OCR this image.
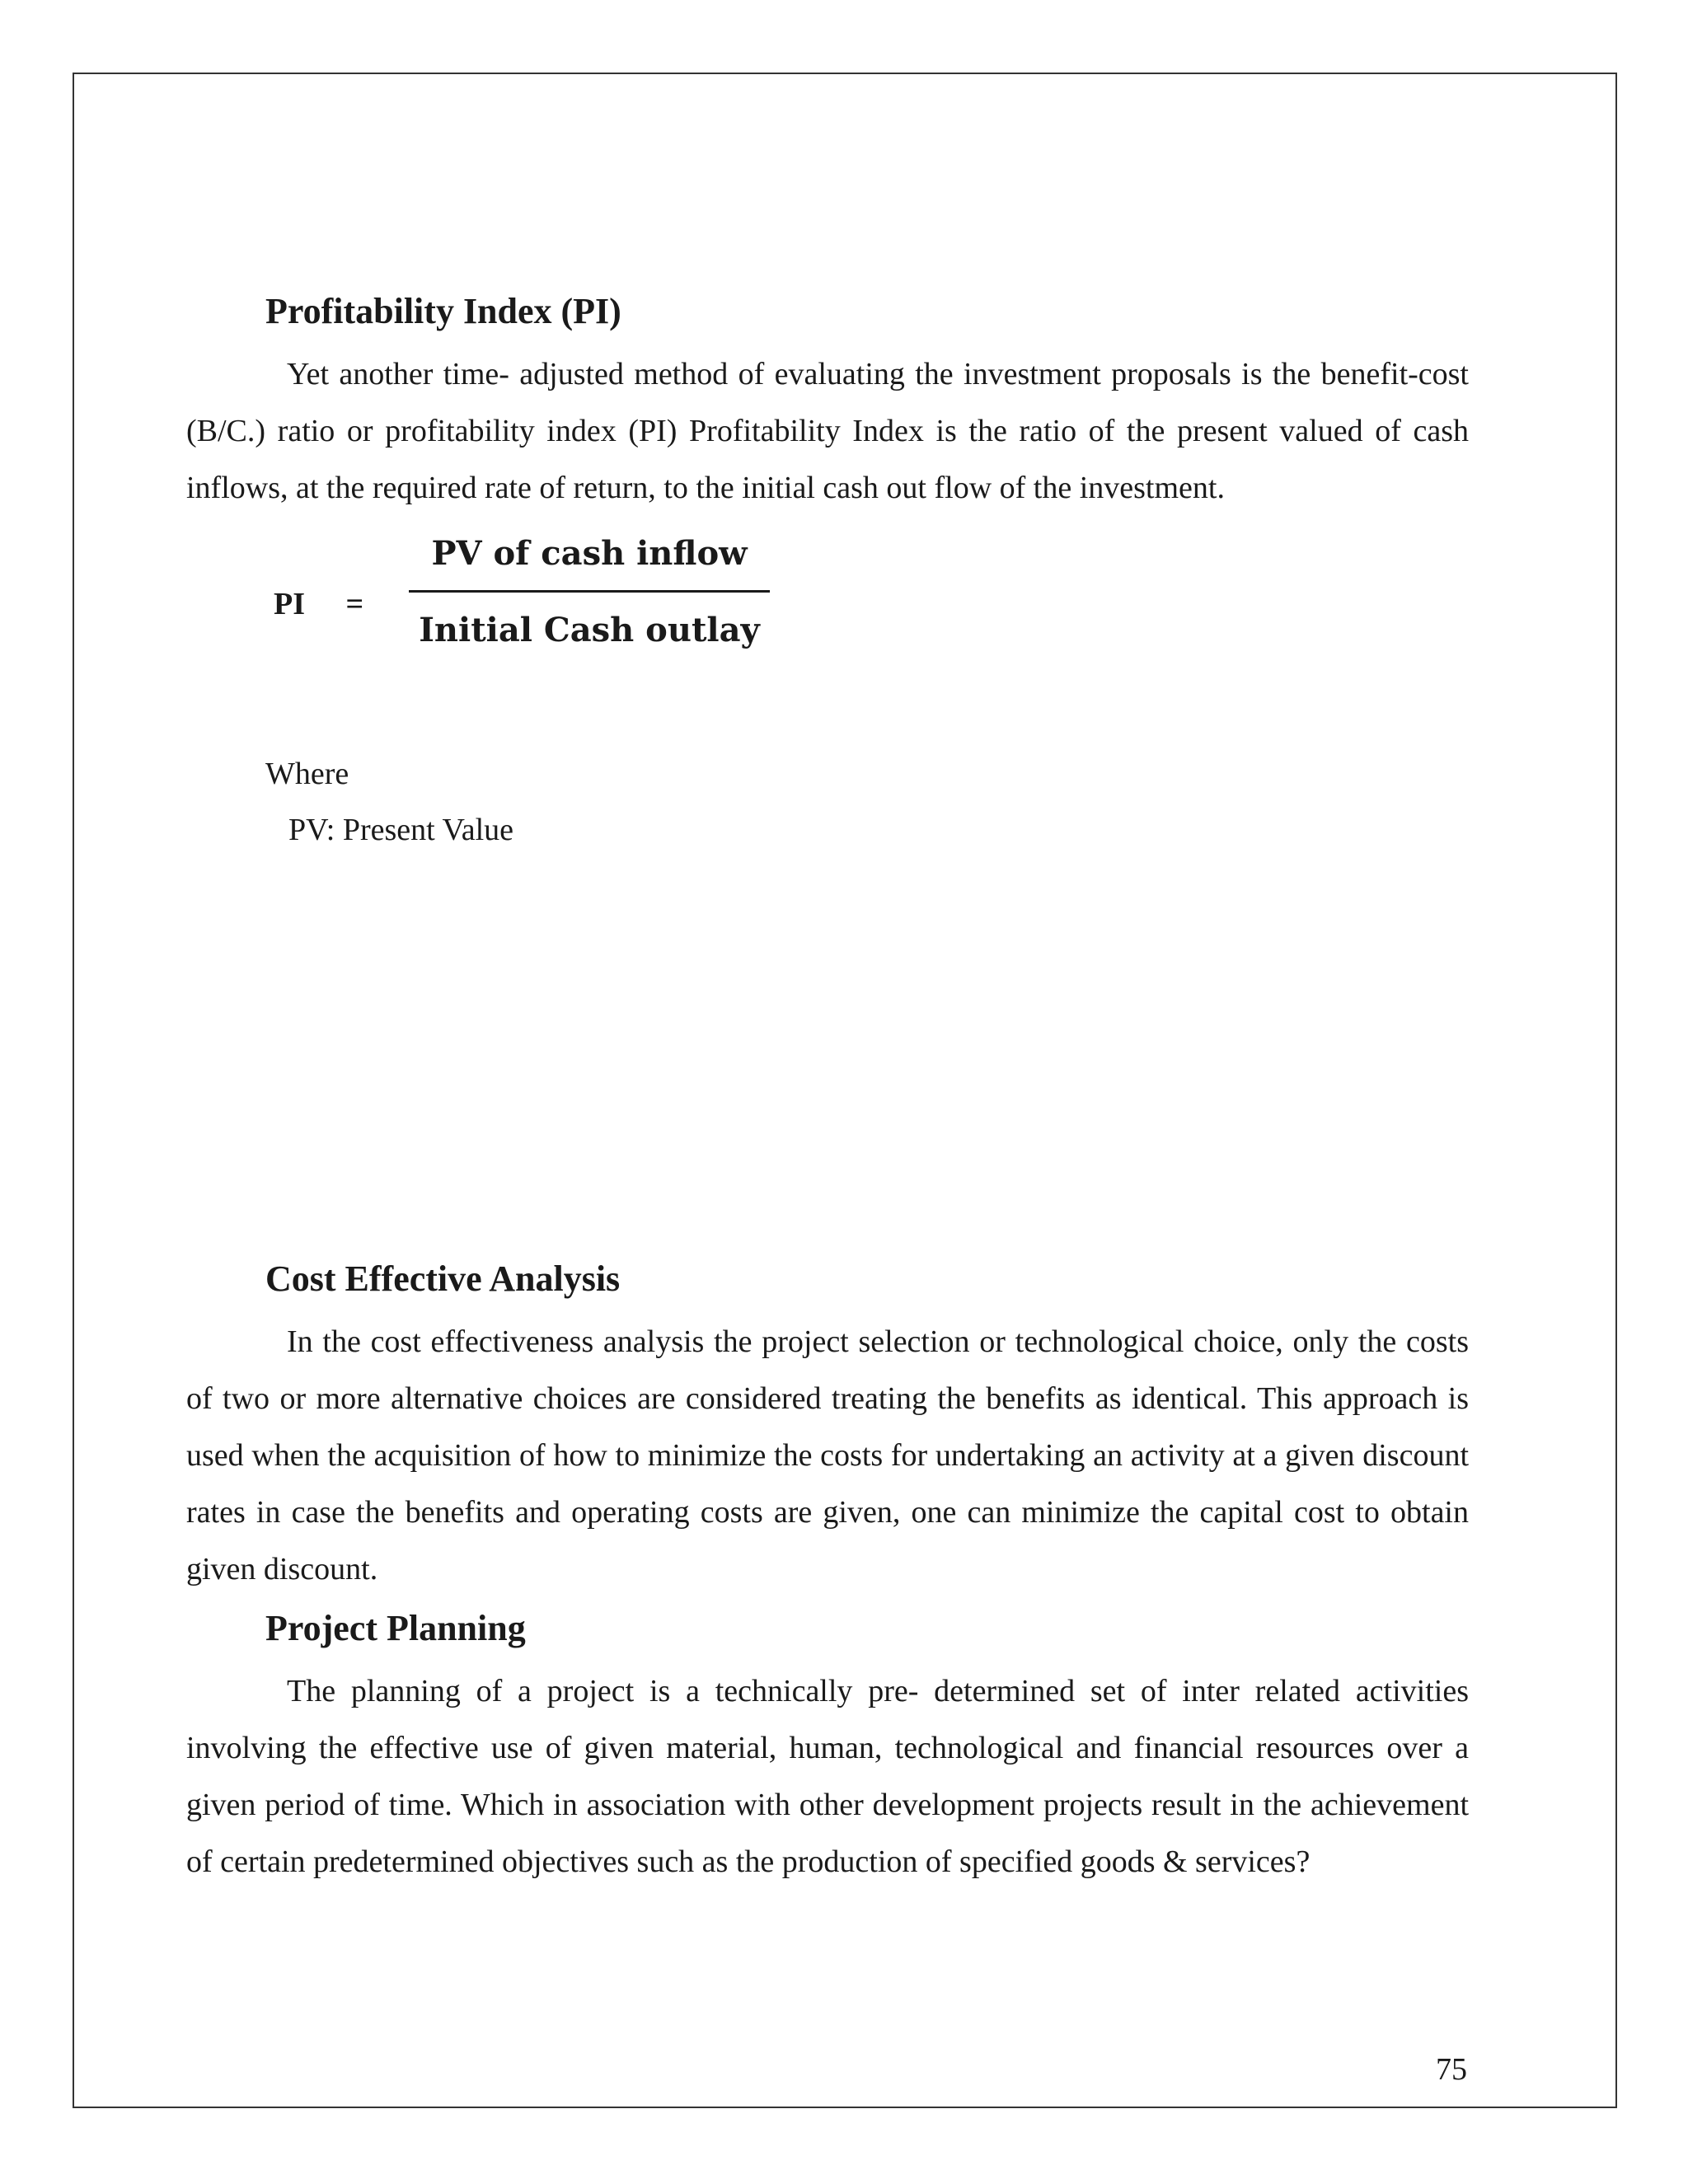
Profitability Index (PI)

Yet another time- adjusted method of evaluating the investment proposals is the benefit-cost (B/C.) ratio or profitability index (PI) Profitability Index is the ratio of the present valued of cash inflows, at the required rate of return, to the initial cash out flow of the investment.

PI =
PV of cash inflow
Initial Cash outlay

Where

PV: Present Value

Cost Effective Analysis

In the cost effectiveness analysis the project selection or technological choice, only the costs of two or more alternative choices are considered treating the benefits as identical. This approach is used when the acquisition of how to minimize the costs for undertaking an activity at a given discount rates in case the benefits and operating costs are given, one can minimize the capital cost to obtain given discount.

Project Planning

The planning of a project is a technically pre- determined set of inter related activities involving the effective use of given material, human, technological and financial resources over a given period of time. Which in association with other development projects result in the achievement of certain predetermined objectives such as the production of specified goods & services?

75
